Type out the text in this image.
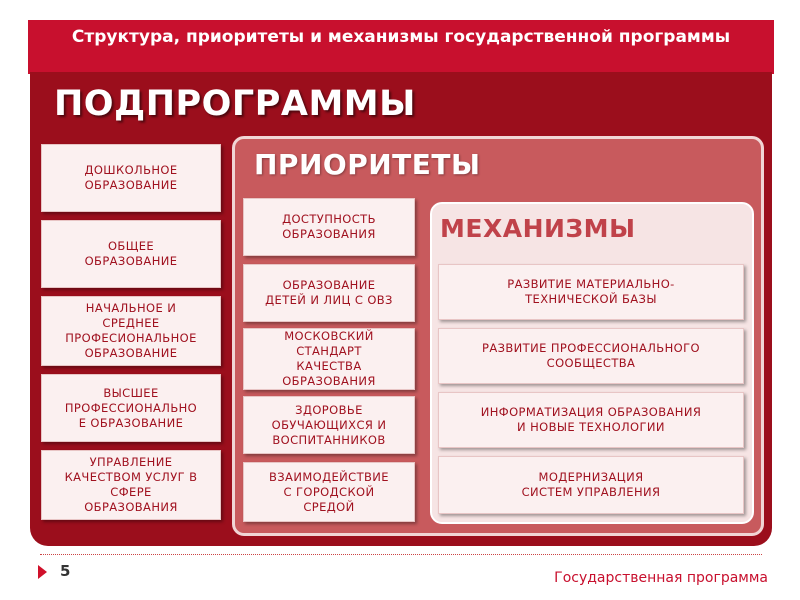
Структура, приоритеты и механизмы государственной программы
ПОДПРОГРАММЫ
ДОШКОЛЬНОЕ
ОБРАЗОВАНИЕ
ОБЩЕЕ
ОБРАЗОВАНИЕ
НАЧАЛЬНОЕ И
СРЕДНЕЕ
ПРОФЕСИОНАЛЬНОЕ
ОБРАЗОВАНИЕ
ВЫСШЕЕ
ПРОФЕССИОНАЛЬНО
Е ОБРАЗОВАНИЕ
УПРАВЛЕНИЕ
КАЧЕСТВОМ УСЛУГ В
СФЕРЕ
ОБРАЗОВАНИЯ
ПРИОРИТЕТЫ
ДОСТУПНОСТЬ
ОБРАЗОВАНИЯ
ОБРАЗОВАНИЕ
ДЕТЕЙ И ЛИЦ С ОВЗ
МОСКОВСКИЙ
СТАНДАРТ
КАЧЕСТВА
ОБРАЗОВАНИЯ
ЗДОРОВЬЕ
ОБУЧАЮЩИХСЯ И
ВОСПИТАННИКОВ
ВЗАИМОДЕЙСТВИЕ
С ГОРОДСКОЙ
СРЕДОЙ
МЕХАНИЗМЫ
РАЗВИТИЕ МАТЕРИАЛЬНО-
ТЕХНИЧЕСКОЙ БАЗЫ
РАЗВИТИЕ ПРОФЕССИОНАЛЬНОГО
СООБЩЕСТВА
ИНФОРМАТИЗАЦИЯ ОБРАЗОВАНИЯ
И НОВЫЕ ТЕХНОЛОГИИ
МОДЕРНИЗАЦИЯ
СИСТЕМ УПРАВЛЕНИЯ
5	Государственная программа
